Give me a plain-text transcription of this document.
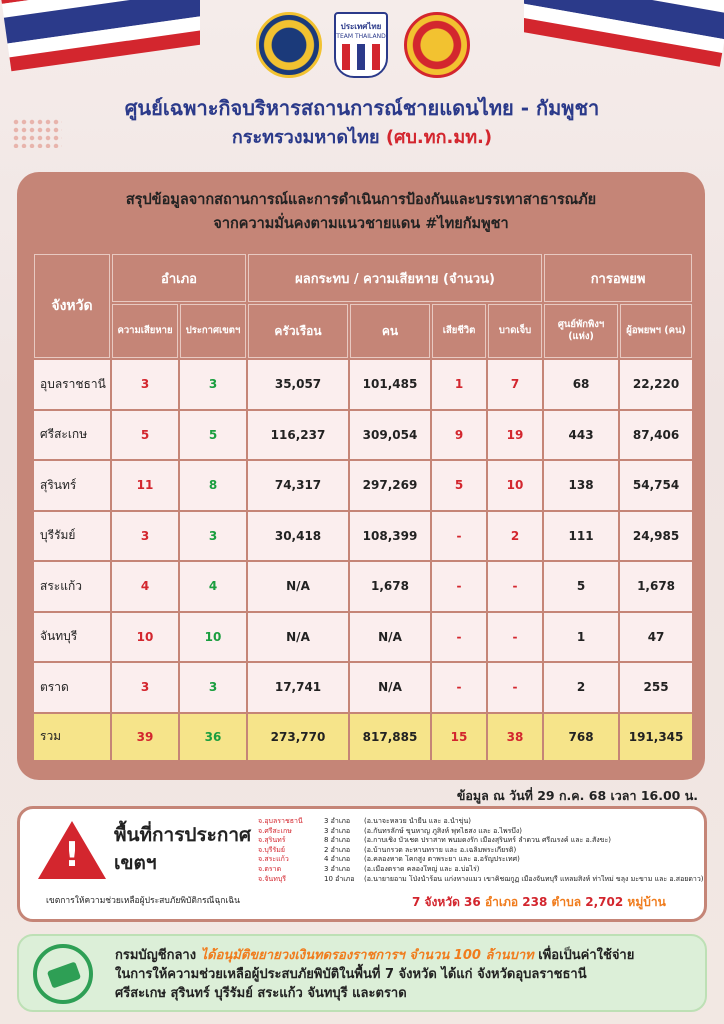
ประเทศไทย
TEAM THAILAND
ศูนย์เฉพาะกิจบริหารสถานการณ์ชายแดนไทย - กัมพูชา
กระทรวงมหาดไทย (ศบ.ทก.มท.)
สรุปข้อมูลจากสถานการณ์และการดำเนินการป้องกันและบรรเทาสาธารณภัย
จากความมั่นคงตามแนวชายแดน #ไทยกัมพูชา
จังหวัด	อำเภอ		ผลกระทบ / ความเสียหาย (จำนวน)				การอพยพ	
	ความเสียหาย	ประกาศเขตฯ	ครัวเรือน	คน	เสียชีวิต	บาดเจ็บ	ศูนย์พักพิงฯ (แห่ง)	ผู้อพยพฯ (คน)
อุบลราชธานี	3	3	35,057	101,485	1	7	68	22,220
ศรีสะเกษ	5	5	116,237	309,054	9	19	443	87,406
สุรินทร์	11	8	74,317	297,269	5	10	138	54,754
บุรีรัมย์	3	3	30,418	108,399	-	2	111	24,985
สระแก้ว	4	4	N/A	1,678	-	-	5	1,678
จันทบุรี	10	10	N/A	N/A	-	-	1	47
ตราด	3	3	17,741	N/A	-	-	2	255
รวม	39	36	273,770	817,885	15	38	768	191,345
ข้อมูล ณ วันที่ 29 ก.ค. 68 เวลา 16.00 น.
! พื้นที่การประกาศเขตฯ
จ.อุบลราชธานี	3 อำเภอ (อ.นาจะหลวย น้ำยืน และ อ.น้ำขุ่น)
จ.ศรีสะเกษ	3 อำเภอ (อ.กันทรลักษ์ ขุนหาญ ภูสิงห์ พุทไธสง และ อ.ไพรบึง)
จ.สุรินทร์	8 อำเภอ (อ.กาบเชิง บัวเชด ปราสาท พนมดงรัก เมืองสุรินทร์ ลำดวน ศรีณรงค์ และ อ.สังขะ)
จ.บุรีรัมย์	2 อำเภอ (อ.บ้านกรวด ละหานทราย และ อ.เฉลิมพระเกียรติ)
จ.สระแก้ว	4 อำเภอ (อ.คลองหาด โคกสูง ตาพระยา และ อ.อรัญประเทศ)
จ.ตราด	3 อำเภอ (อ.เมืองตราด คลองใหญ่ และ อ.บ่อไร่)
จ.จันทบุรี	10 อำเภอ (อ.นายายอาม โป่งน้ำร้อน แก่งหางแมว เขาคิชฌกูฏ เมืองจันทบุรี แหลมสิงห์ ท่าใหม่ ขลุง มะขาม และ อ.สอยดาว)
เขตการให้ความช่วยเหลือผู้ประสบภัยพิบัติกรณีฉุกเฉิน	7 จังหวัด 36 อำเภอ 238 ตำบล 2,702 หมู่บ้าน
กรมบัญชีกลาง ได้อนุมัติขยายวงเงินทดรองราชการฯ จำนวน 100 ล้านบาท เพื่อเป็นค่าใช้จ่าย
ในการให้ความช่วยเหลือผู้ประสบภัยพิบัติในพื้นที่ 7 จังหวัด ได้แก่ จังหวัดอุบลราชธานี
ศรีสะเกษ สุรินทร์ บุรีรัมย์ สระแก้ว จันทบุรี และตราด
